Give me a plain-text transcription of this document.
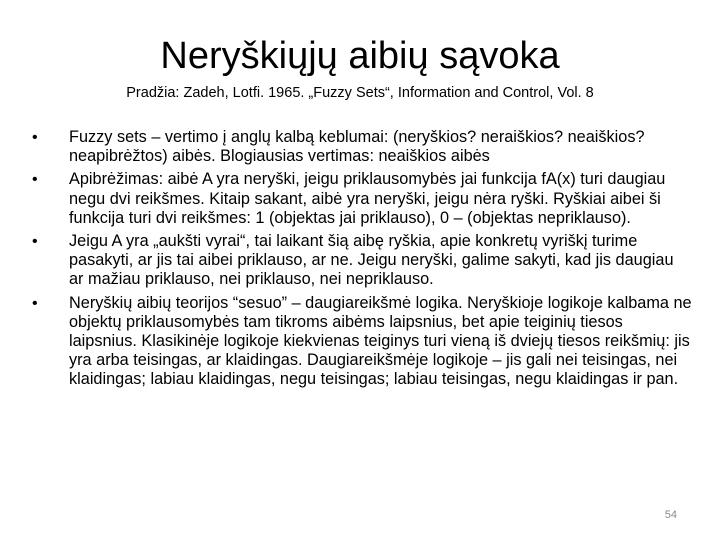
Neryškiųjų aibių sąvoka

Pradžia: Zadeh, Lotfi. 1965. „Fuzzy Sets“, Information and Control, Vol. 8

•	Fuzzy sets – vertimo į anglų kalbą keblumai: (neryškios? neraiškios? neaiškios? neapibrėžtos) aibės. Blogiausias vertimas: neaiškios aibės
•	Apibrėžimas: aibė A yra neryški, jeigu priklausomybės jai funkcija fA(x) turi daugiau negu dvi reikšmes. Kitaip sakant, aibė yra neryški, jeigu nėra ryški. Ryškiai aibei ši funkcija turi dvi reikšmes: 1 (objektas jai priklauso), 0 – (objektas nepriklauso).
•	Jeigu A yra „aukšti vyrai“, tai laikant šią aibę ryškia, apie konkretų vyriškį turime pasakyti, ar jis tai aibei priklauso, ar ne. Jeigu neryški, galime sakyti, kad jis daugiau ar mažiau priklauso, nei priklauso, nei nepriklauso.
•	Neryškių aibių teorijos “sesuo” – daugiareikšmė logika. Neryškioje logikoje kalbama ne objektų priklausomybės tam tikroms aibėms laipsnius, bet apie teiginių tiesos laipsnius. Klasikinėje logikoje kiekvienas teiginys turi vieną iš dviejų tiesos reikšmių: jis yra arba teisingas, ar klaidingas. Daugiareikšmėje logikoje – jis gali nei teisingas, nei klaidingas; labiau klaidingas, negu teisingas; labiau teisingas, negu klaidingas ir pan.
54
